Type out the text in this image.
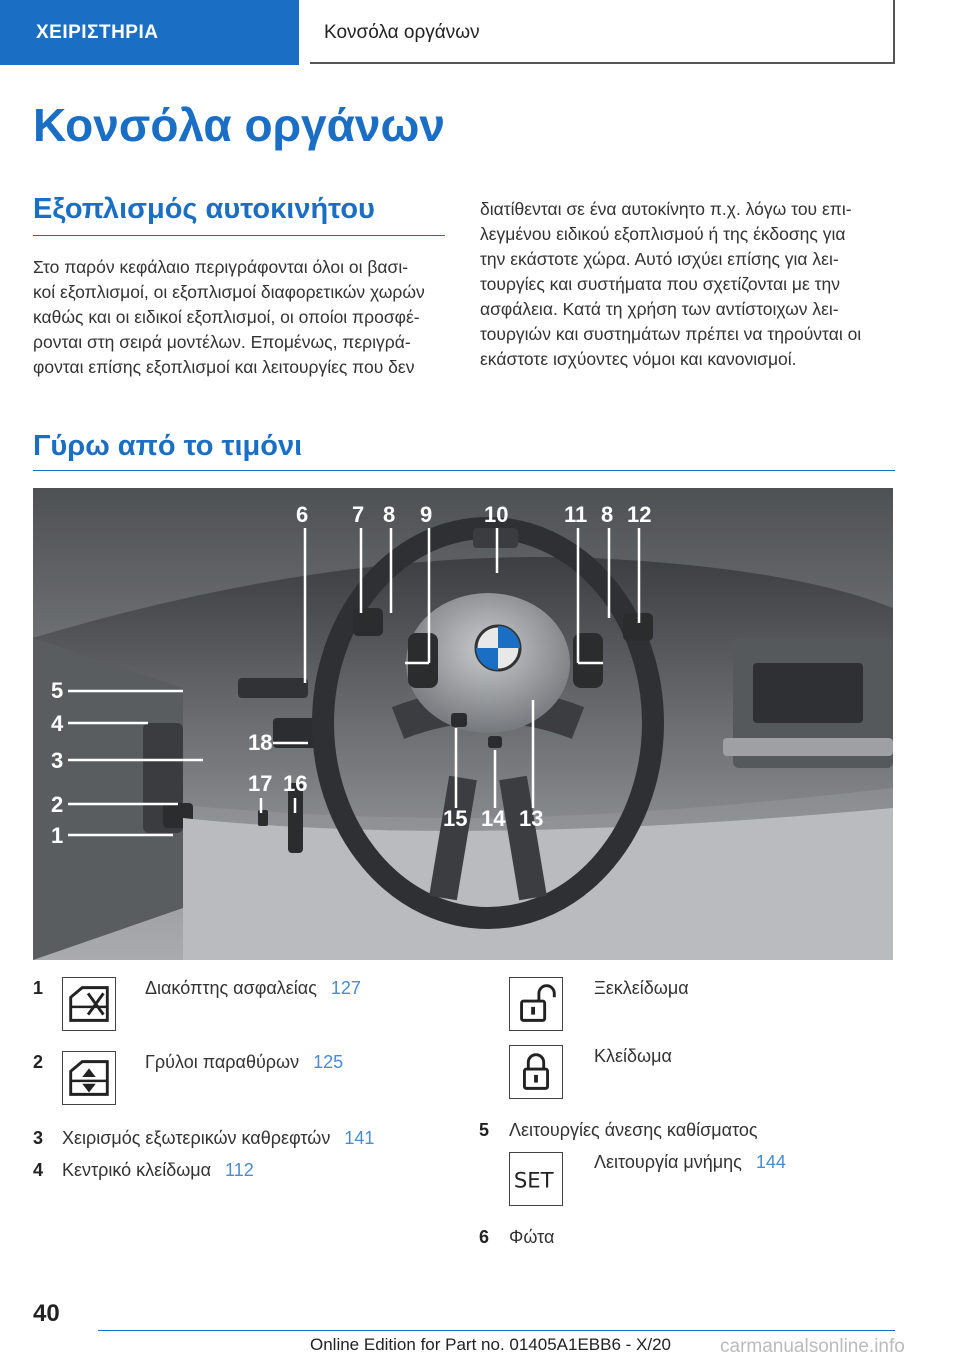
ΧΕΙΡΙΣΤΗΡΙΑ	Κονσόλα οργάνων
Κονσόλα οργάνων
Εξοπλισμός αυτοκινήτου
Στο παρόν κεφάλαιο περιγράφονται όλοι οι βασι-
κοί εξοπλισμοί, οι εξοπλισμοί διαφορετικών χωρών
καθώς και οι ειδικοί εξοπλισμοί, οι οποίοι προσφέ-
ρονται στη σειρά μοντέλων. Επομένως, περιγρά-
φονται επίσης εξοπλισμοί και λειτουργίες που δεν
διατίθενται σε ένα αυτοκίνητο π.χ. λόγω του επι-
λεγμένου ειδικού εξοπλισμού ή της έκδοσης για
την εκάστοτε χώρα. Αυτό ισχύει επίσης για λει-
τουργίες και συστήματα που σχετίζονται με την
ασφάλεια. Κατά τη χρήση των αντίστοιχων λει-
τουργιών και συστημάτων πρέπει να τηρούνται οι
εκάστοτε ισχύοντες νόμοι και κανονισμοί.
Γύρω από το τιμόνι
6 7 8 9 10	11 8 12
5
4
3
2
1
18
17 16
15 14 13
1	Διακόπτης ασφαλείας 127
2	Γρύλοι παραθύρων 125
3 Χειρισμός εξωτερικών καθρεφτών 141
4 Κεντρικό κλείδωμα 112
Ξεκλείδωμα
Κλείδωμα
5 Λειτουργίες άνεσης καθίσματος
SET
Λειτουργία μνήμης 144
6 Φώτα
40
Online Edition for Part no. 01405A1EBB6 - X/20	carmanualsonline.info
